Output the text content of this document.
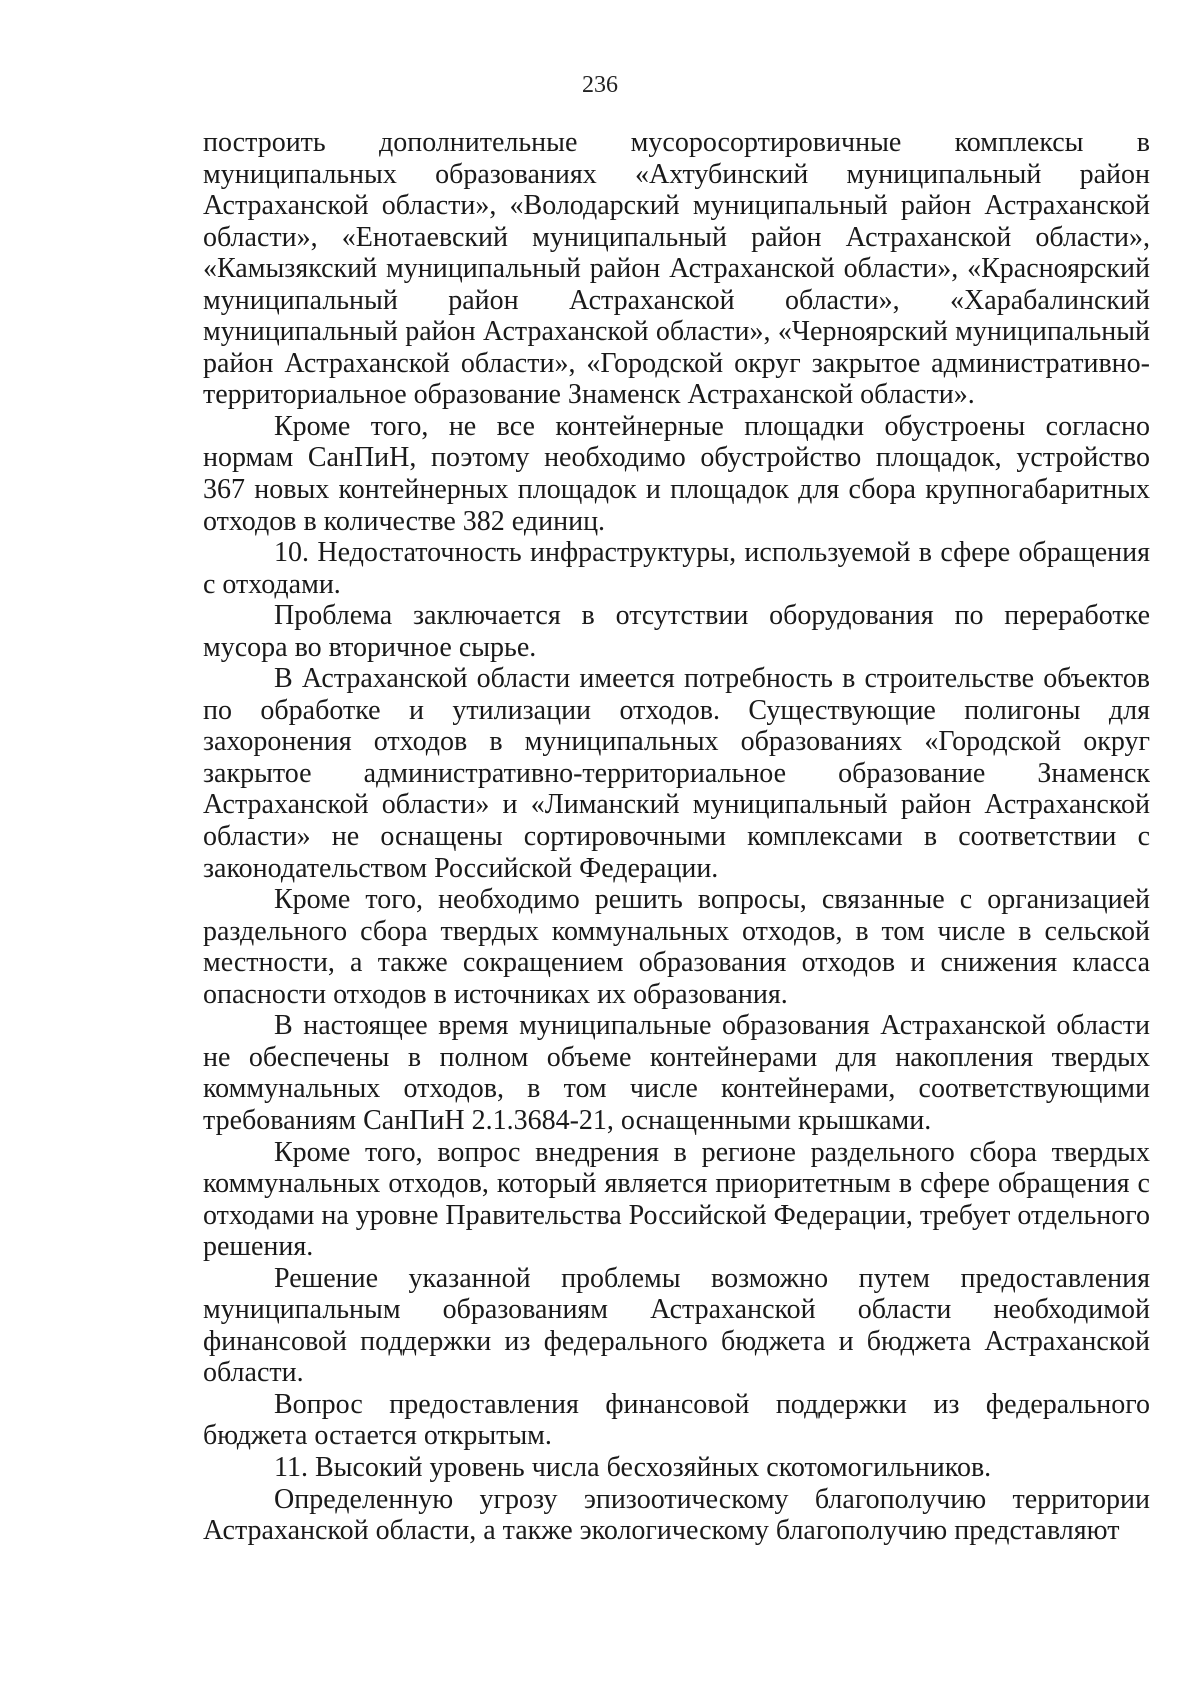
236

построить дополнительные мусоросортировичные комплексы в муниципальных образованиях «Ахтубинский муниципальный район Астраханской области», «Володарский муниципальный район Астраханской области», «Енотаевский муниципальный район Астраханской области», «Камызякский муниципальный район Астраханской области», «Красноярский муниципальный район Астраханской области», «Харабалинский муниципальный район Астраханской области», «Черноярский муниципальный район Астраханской области», «Городской округ закрытое административно-территориальное образование Знаменск Астраханской области».

Кроме того, не все контейнерные площадки обустроены согласно нормам СанПиН, поэтому необходимо обустройство площадок, устройство 367 новых контейнерных площадок и площадок для сбора крупногабаритных отходов в количестве 382 единиц.

10. Недостаточность инфраструктуры, используемой в сфере обращения с отходами.

Проблема заключается в отсутствии оборудования по переработке мусора во вторичное сырье.

В Астраханской области имеется потребность в строительстве объектов по обработке и утилизации отходов. Существующие полигоны для захоронения отходов в муниципальных образованиях «Городской округ закрытое административно-территориальное образование Знаменск Астраханской области» и «Лиманский муниципальный район Астраханской области» не оснащены сортировочными комплексами в соответствии с законодательством Российской Федерации.

Кроме того, необходимо решить вопросы, связанные с организацией раздельного сбора твердых коммунальных отходов, в том числе в сельской местности, а также сокращением образования отходов и снижения класса опасности отходов в источниках их образования.

В настоящее время муниципальные образования Астраханской области не обеспечены в полном объеме контейнерами для накопления твердых коммунальных отходов, в том числе контейнерами, соответствующими требованиям СанПиН 2.1.3684-21, оснащенными крышками.

Кроме того, вопрос внедрения в регионе раздельного сбора твердых коммунальных отходов, который является приоритетным в сфере обращения с отходами на уровне Правительства Российской Федерации, требует отдельного решения.

Решение указанной проблемы возможно путем предоставления муниципальным образованиям Астраханской области необходимой финансовой поддержки из федерального бюджета и бюджета Астраханской области.

Вопрос предоставления финансовой поддержки из федерального бюджета остается открытым.

11. Высокий уровень числа бесхозяйных скотомогильников.

Определенную угрозу эпизоотическому благополучию территории Астраханской области, а также экологическому благополучию представляют
